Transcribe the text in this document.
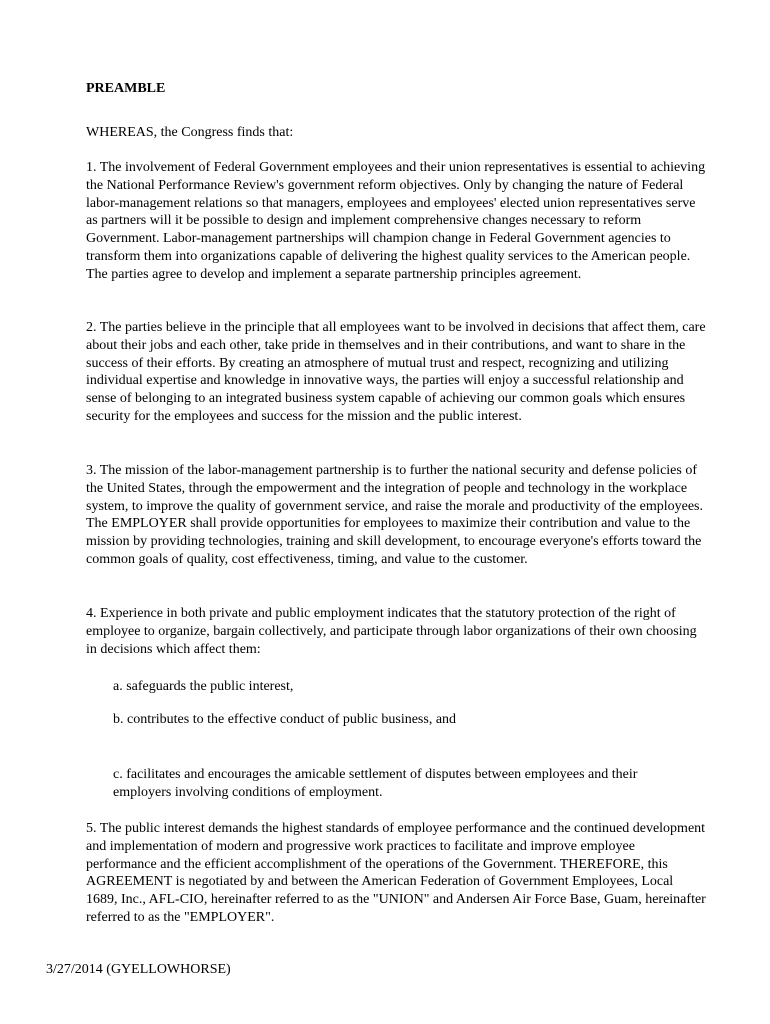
PREAMBLE

WHEREAS, the Congress finds that:

1. The involvement of Federal Government employees and their union representatives is essential to achieving the National Performance Review's government reform objectives. Only by changing the nature of Federal labor-management relations so that managers, employees and employees' elected union representatives serve as partners will it be possible to design and implement comprehensive changes necessary to reform Government. Labor-management partnerships will champion change in Federal Government agencies to transform them into organizations capable of delivering the highest quality services to the American people. The parties agree to develop and implement a separate partnership principles agreement.

2. The parties believe in the principle that all employees want to be involved in decisions that affect them, care about their jobs and each other, take pride in themselves and in their contributions, and want to share in the success of their efforts. By creating an atmosphere of mutual trust and respect, recognizing and utilizing individual expertise and knowledge in innovative ways, the parties will enjoy a successful relationship and sense of belonging to an integrated business system capable of achieving our common goals which ensures security for the employees and success for the mission and the public interest.

3. The mission of the labor-management partnership is to further the national security and defense policies of the United States, through the empowerment and the integration of people and technology in the workplace system, to improve the quality of government service, and raise the morale and productivity of the employees. The EMPLOYER shall provide opportunities for employees to maximize their contribution and value to the mission by providing technologies, training and skill development, to encourage everyone's efforts toward the common goals of quality, cost effectiveness, timing, and value to the customer.

4. Experience in both private and public employment indicates that the statutory protection of the right of employee to organize, bargain collectively, and participate through labor organizations of their own choosing in decisions which affect them:

a. safeguards the public interest,

b. contributes to the effective conduct of public business, and

c. facilitates and encourages the amicable settlement of disputes between employees and their employers involving conditions of employment.

5. The public interest demands the highest standards of employee performance and the continued development and implementation of modern and progressive work practices to facilitate and improve employee performance and the efficient accomplishment of the operations of the Government. THEREFORE, this AGREEMENT is negotiated by and between the American Federation of Government Employees, Local 1689, Inc., AFL-CIO, hereinafter referred to as the "UNION" and Andersen Air Force Base, Guam, hereinafter referred to as the "EMPLOYER".

3/27/2014 (GYELLOWHORSE)
